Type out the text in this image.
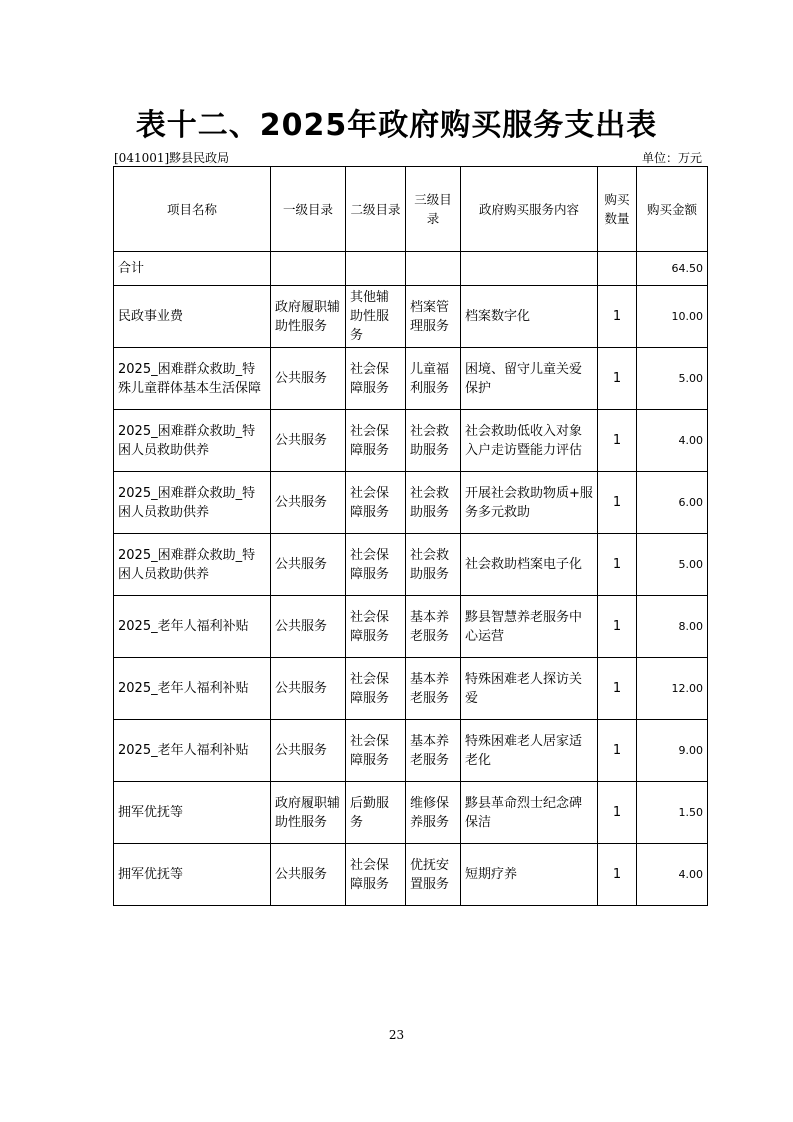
表十二、2025年政府购买服务支出表
[041001]黟县民政局	单位：万元
项目名称	一级目录	二级目录	三级目录	政府购买服务内容	购买数量	购买金额
合计						64.50
民政事业费	政府履职辅助性服务	其他辅助性服务	档案管理服务	档案数字化	1	10.00
2025_困难群众救助_特殊儿童群体基本生活保障	公共服务	社会保障服务	儿童福利服务	困境、留守儿童关爱保护	1	5.00
2025_困难群众救助_特困人员救助供养	公共服务	社会保障服务	社会救助服务	社会救助低收入对象入户走访暨能力评估	1	4.00
2025_困难群众救助_特困人员救助供养	公共服务	社会保障服务	社会救助服务	开展社会救助物质+服务多元救助	1	6.00
2025_困难群众救助_特困人员救助供养	公共服务	社会保障服务	社会救助服务	社会救助档案电子化	1	5.00
2025_老年人福利补贴	公共服务	社会保障服务	基本养老服务	黟县智慧养老服务中心运营	1	8.00
2025_老年人福利补贴	公共服务	社会保障服务	基本养老服务	特殊困难老人探访关爱	1	12.00
2025_老年人福利补贴	公共服务	社会保障服务	基本养老服务	特殊困难老人居家适老化	1	9.00
拥军优抚等	政府履职辅助性服务	后勤服务	维修保养服务	黟县革命烈士纪念碑保洁	1	1.50
拥军优抚等	公共服务	社会保障服务	优抚安置服务	短期疗养	1	4.00
23
